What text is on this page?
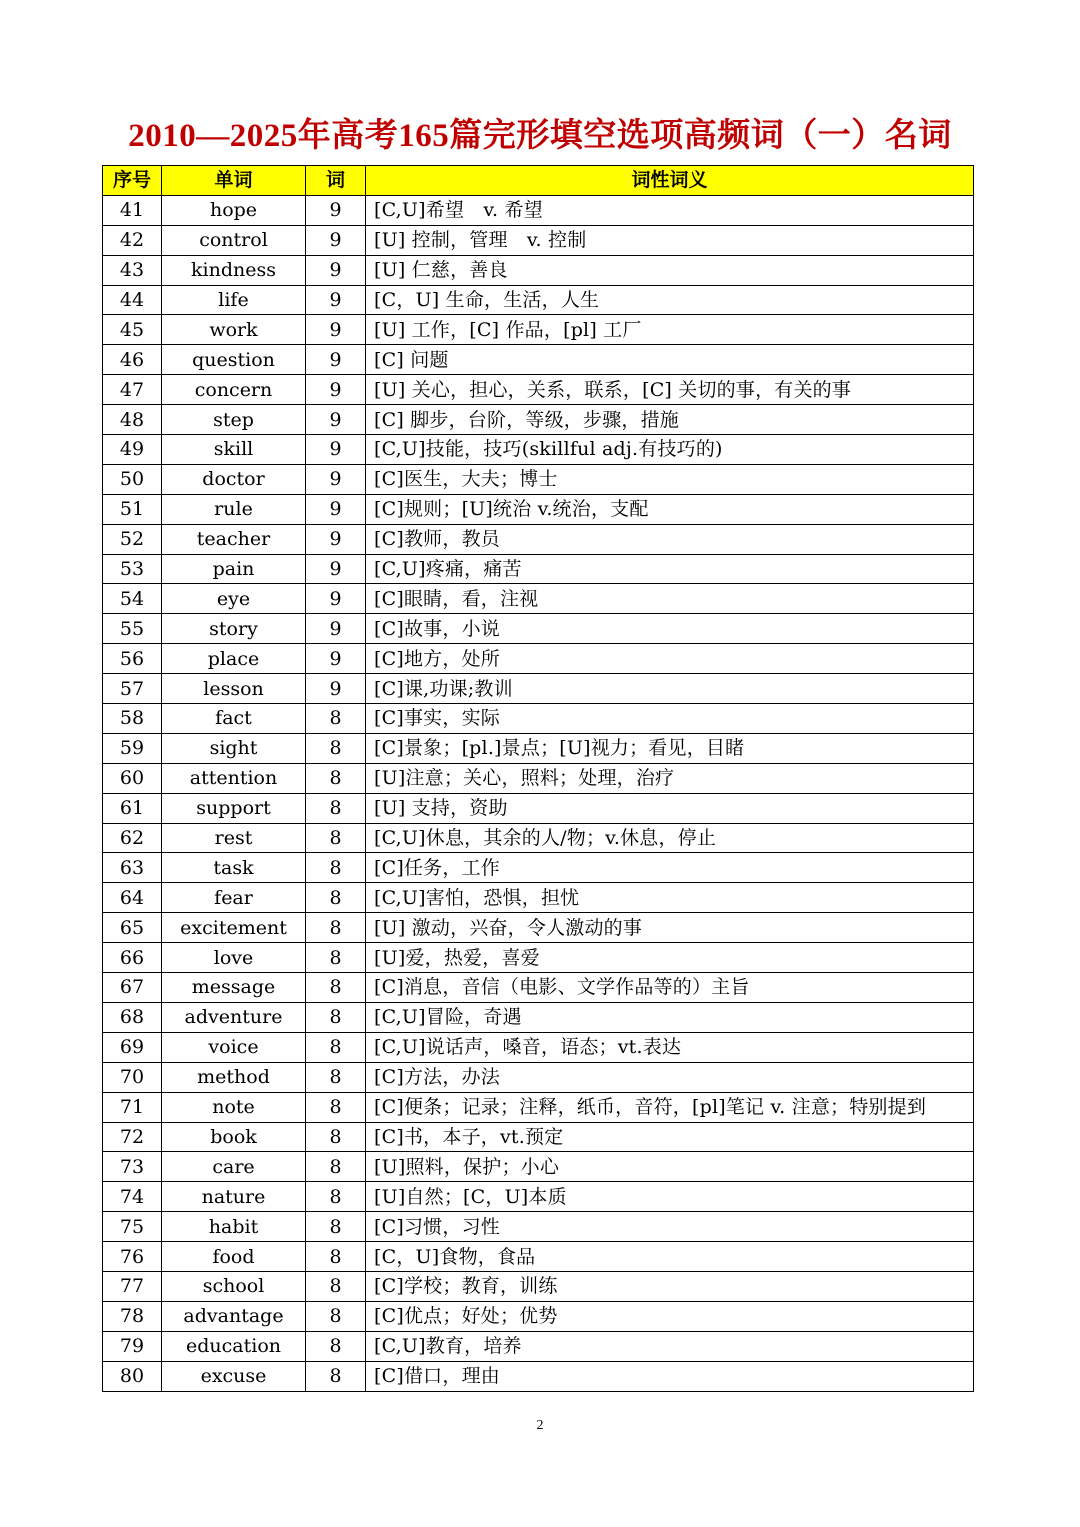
2010—2025年高考165篇完形填空选项高频词（一）名词
序号	单词	词	词性词义
41	hope	9	[C,U]希望　v. 希望
42	control	9	[U] 控制，管理　v. 控制
43	kindness	9	[U] 仁慈，善良
44	life	9	[C，U] 生命，生活，人生
45	work	9	[U] 工作，[C] 作品，[pl] 工厂
46	question	9	[C] 问题
47	concern	9	[U] 关心，担心，关系，联系，[C] 关切的事，有关的事
48	step	9	[C] 脚步，台阶，等级，步骤，措施
49	skill	9	[C,U]技能，技巧(skillful adj.有技巧的)
50	doctor	9	[C]医生，大夫；博士
51	rule	9	[C]规则；[U]统治 v.统治，支配
52	teacher	9	[C]教师，教员
53	pain	9	[C,U]疼痛，痛苦
54	eye	9	[C]眼睛，看，注视
55	story	9	[C]故事，小说
56	place	9	[C]地方，处所
57	lesson	9	[C]课,功课;教训
58	fact	8	[C]事实，实际
59	sight	8	[C]景象；[pl.]景点；[U]视力；看见，目睹
60	attention	8	[U]注意；关心，照料；处理，治疗
61	support	8	[U] 支持，资助
62	rest	8	[C,U]休息，其余的人/物；v.休息，停止
63	task	8	[C]任务，工作
64	fear	8	[C,U]害怕，恐惧，担忧
65	excitement	8	[U] 激动，兴奋，令人激动的事
66	love	8	[U]爱，热爱，喜爱
67	message	8	[C]消息，音信（电影、文学作品等的）主旨
68	adventure	8	[C,U]冒险，奇遇
69	voice	8	[C,U]说话声，嗓音，语态；vt.表达
70	method	8	[C]方法，办法
71	note	8	[C]便条；记录；注释，纸币，音符，[pl]笔记 v. 注意；特别提到
72	book	8	[C]书，本子，vt.预定
73	care	8	[U]照料，保护；小心
74	nature	8	[U]自然；[C，U]本质
75	habit	8	[C]习惯，习性
76	food	8	[C，U]食物，食品
77	school	8	[C]学校；教育，训练
78	advantage	8	[C]优点；好处；优势
79	education	8	[C,U]教育，培养
80	excuse	8	[C]借口，理由
2
